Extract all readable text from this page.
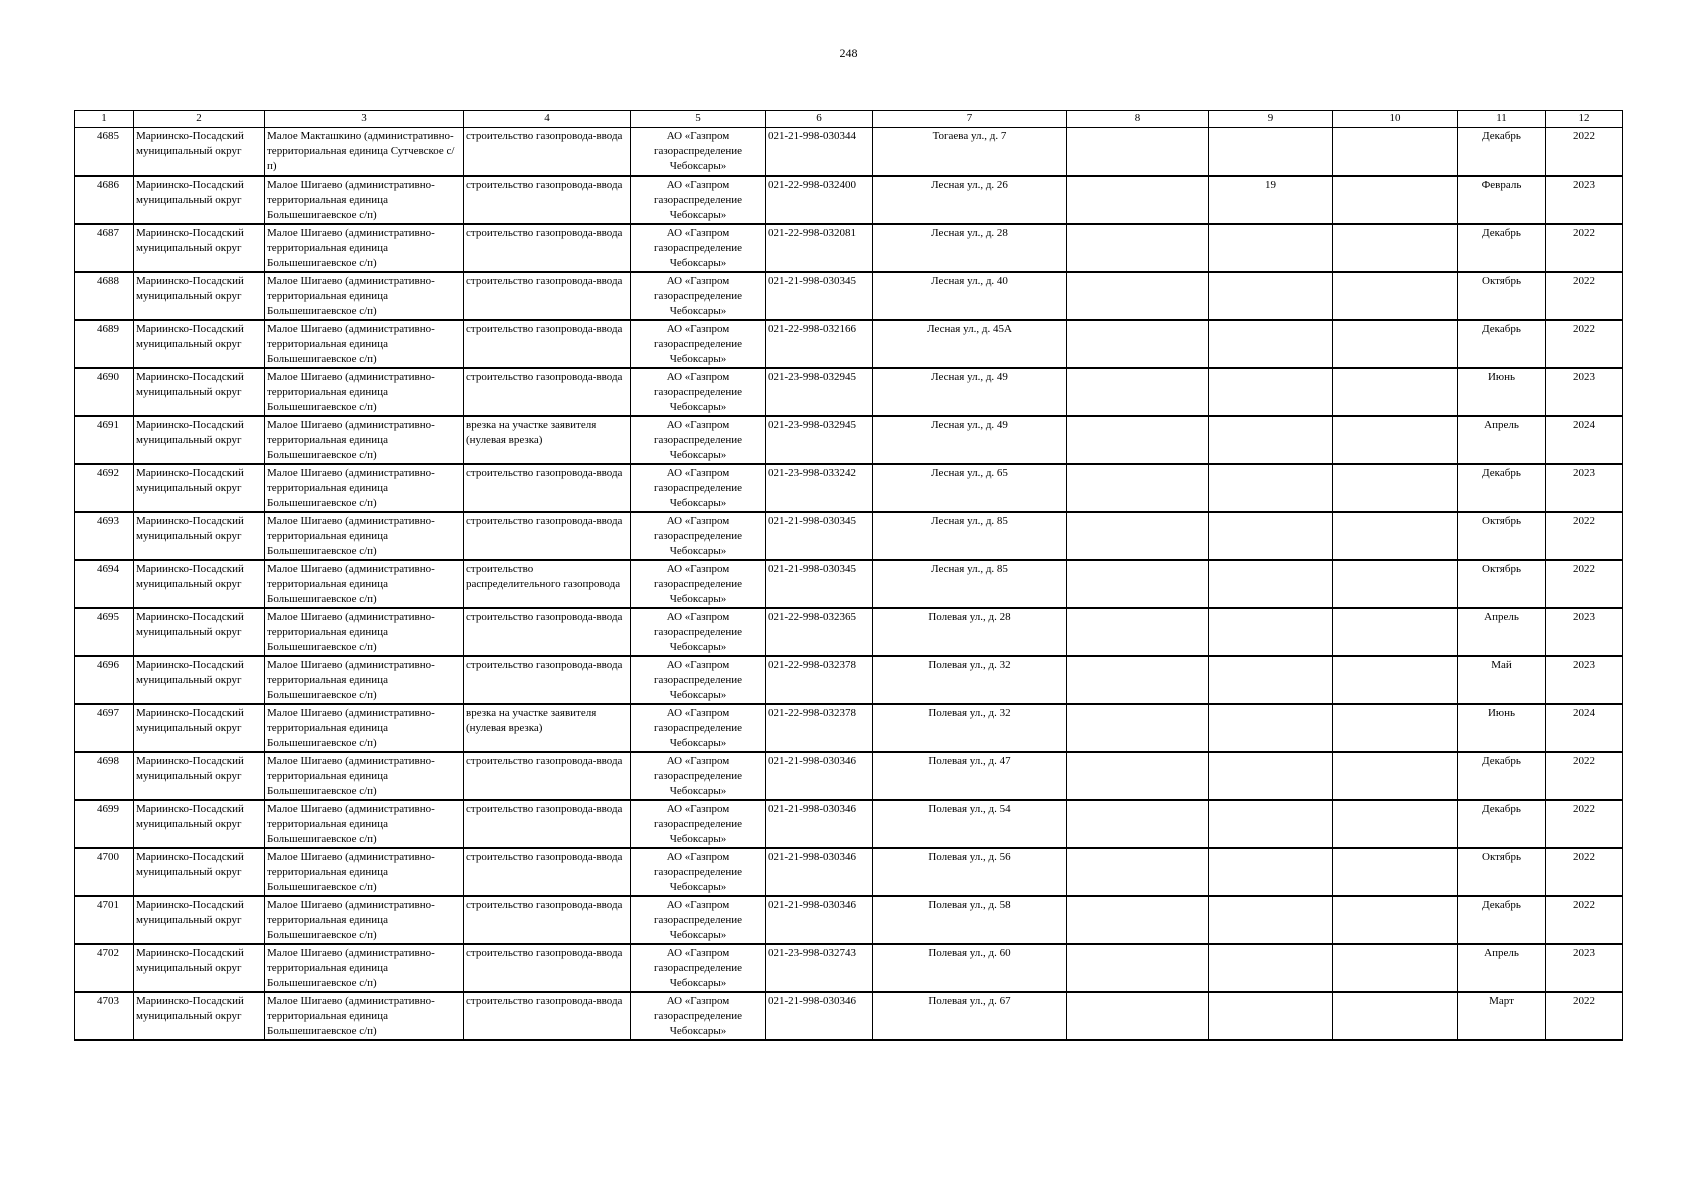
248
1	2	3	4	5	6	7	8	9	10	11	12
4685	Мариинско-Посадский муниципальный округ	Малое Макташкино (административно-территориальная единица Сутчевское с/п)	строительство газопровода-ввода	АО «Газпром газораспределение Чебоксары»	021-21-998-030344	Тогаева ул., д. 7				Декабрь	2022
4686	Мариинско-Посадский муниципальный округ	Малое Шигаево (административно-территориальная единица Большешигаевское с/п)	строительство газопровода-ввода	АО «Газпром газораспределение Чебоксары»	021-22-998-032400	Лесная ул., д. 26		19		Февраль	2023
4687	Мариинско-Посадский муниципальный округ	Малое Шигаево (административно-территориальная единица Большешигаевское с/п)	строительство газопровода-ввода	АО «Газпром газораспределение Чебоксары»	021-22-998-032081	Лесная ул., д. 28				Декабрь	2022
4688	Мариинско-Посадский муниципальный округ	Малое Шигаево (административно-территориальная единица Большешигаевское с/п)	строительство газопровода-ввода	АО «Газпром газораспределение Чебоксары»	021-21-998-030345	Лесная ул., д. 40				Октябрь	2022
4689	Мариинско-Посадский муниципальный округ	Малое Шигаево (административно-территориальная единица Большешигаевское с/п)	строительство газопровода-ввода	АО «Газпром газораспределение Чебоксары»	021-22-998-032166	Лесная ул., д. 45А				Декабрь	2022
4690	Мариинско-Посадский муниципальный округ	Малое Шигаево (административно-территориальная единица Большешигаевское с/п)	строительство газопровода-ввода	АО «Газпром газораспределение Чебоксары»	021-23-998-032945	Лесная ул., д. 49				Июнь	2023
4691	Мариинско-Посадский муниципальный округ	Малое Шигаево (административно-территориальная единица Большешигаевское с/п)	врезка на участке заявителя (нулевая врезка)	АО «Газпром газораспределение Чебоксары»	021-23-998-032945	Лесная ул., д. 49				Апрель	2024
4692	Мариинско-Посадский муниципальный округ	Малое Шигаево (административно-территориальная единица Большешигаевское с/п)	строительство газопровода-ввода	АО «Газпром газораспределение Чебоксары»	021-23-998-033242	Лесная ул., д. 65				Декабрь	2023
4693	Мариинско-Посадский муниципальный округ	Малое Шигаево (административно-территориальная единица Большешигаевское с/п)	строительство газопровода-ввода	АО «Газпром газораспределение Чебоксары»	021-21-998-030345	Лесная ул., д. 85				Октябрь	2022
4694	Мариинско-Посадский муниципальный округ	Малое Шигаево (административно-территориальная единица Большешигаевское с/п)	строительство распределительного газопровода	АО «Газпром газораспределение Чебоксары»	021-21-998-030345	Лесная ул., д. 85				Октябрь	2022
4695	Мариинско-Посадский муниципальный округ	Малое Шигаево (административно-территориальная единица Большешигаевское с/п)	строительство газопровода-ввода	АО «Газпром газораспределение Чебоксары»	021-22-998-032365	Полевая ул., д. 28				Апрель	2023
4696	Мариинско-Посадский муниципальный округ	Малое Шигаево (административно-территориальная единица Большешигаевское с/п)	строительство газопровода-ввода	АО «Газпром газораспределение Чебоксары»	021-22-998-032378	Полевая ул., д. 32				Май	2023
4697	Мариинско-Посадский муниципальный округ	Малое Шигаево (административно-территориальная единица Большешигаевское с/п)	врезка на участке заявителя (нулевая врезка)	АО «Газпром газораспределение Чебоксары»	021-22-998-032378	Полевая ул., д. 32				Июнь	2024
4698	Мариинско-Посадский муниципальный округ	Малое Шигаево (административно-территориальная единица Большешигаевское с/п)	строительство газопровода-ввода	АО «Газпром газораспределение Чебоксары»	021-21-998-030346	Полевая ул., д. 47				Декабрь	2022
4699	Мариинско-Посадский муниципальный округ	Малое Шигаево (административно-территориальная единица Большешигаевское с/п)	строительство газопровода-ввода	АО «Газпром газораспределение Чебоксары»	021-21-998-030346	Полевая ул., д. 54				Декабрь	2022
4700	Мариинско-Посадский муниципальный округ	Малое Шигаево (административно-территориальная единица Большешигаевское с/п)	строительство газопровода-ввода	АО «Газпром газораспределение Чебоксары»	021-21-998-030346	Полевая ул., д. 56				Октябрь	2022
4701	Мариинско-Посадский муниципальный округ	Малое Шигаево (административно-территориальная единица Большешигаевское с/п)	строительство газопровода-ввода	АО «Газпром газораспределение Чебоксары»	021-21-998-030346	Полевая ул., д. 58				Декабрь	2022
4702	Мариинско-Посадский муниципальный округ	Малое Шигаево (административно-территориальная единица Большешигаевское с/п)	строительство газопровода-ввода	АО «Газпром газораспределение Чебоксары»	021-23-998-032743	Полевая ул., д. 60				Апрель	2023
4703	Мариинско-Посадский муниципальный округ	Малое Шигаево (административно-территориальная единица Большешигаевское с/п)	строительство газопровода-ввода	АО «Газпром газораспределение Чебоксары»	021-21-998-030346	Полевая ул., д. 67				Март	2022
